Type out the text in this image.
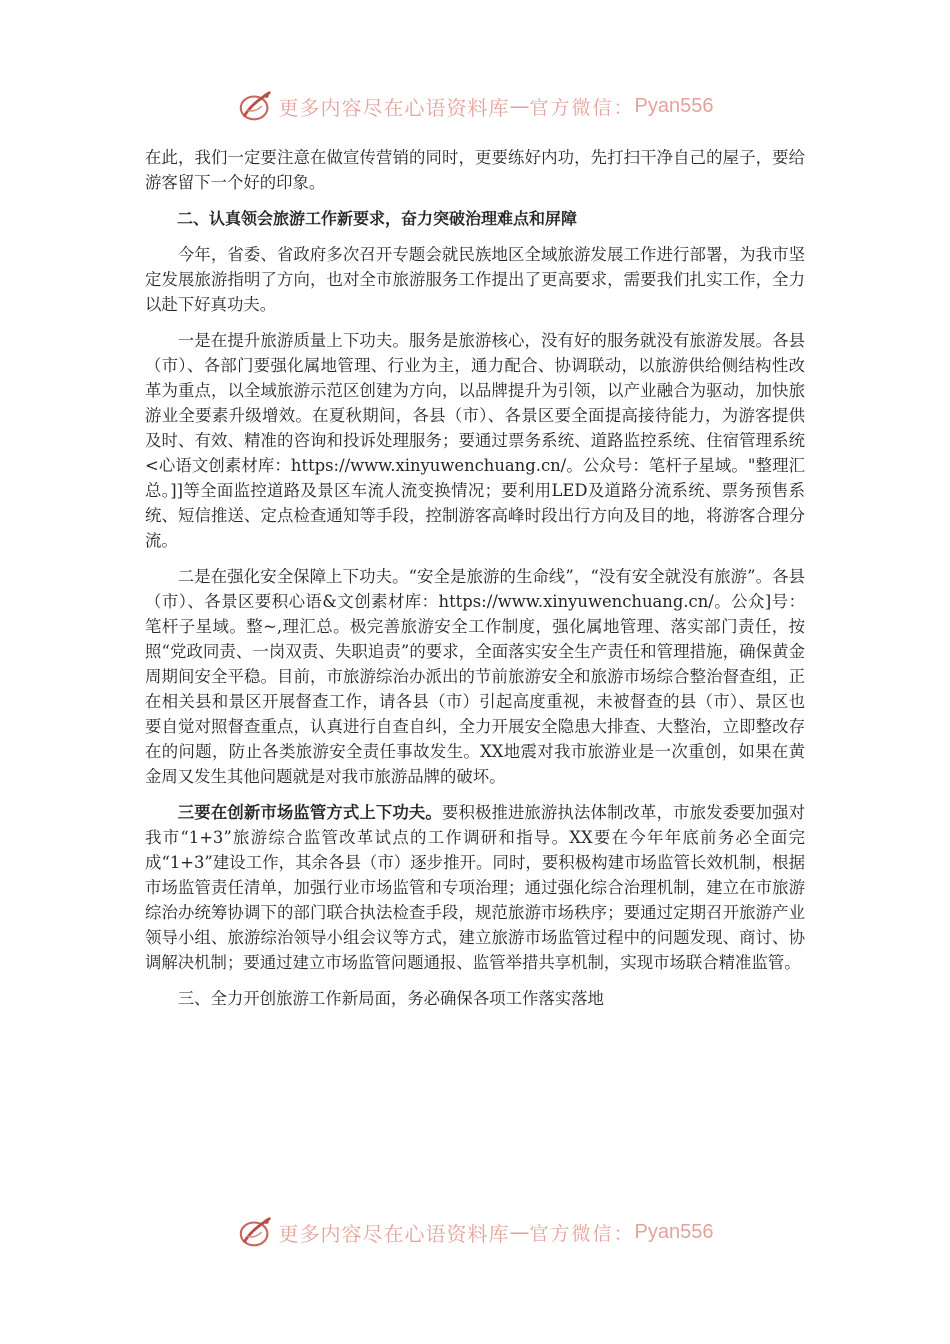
更多内容尽在心语资料库 — 官方微信： Pyan556

在此，我们一定要注意在做宣传营销的同时，更要练好内功，先打扫干净自己的屋子，要给游客留下一个好的印象。

二、认真领会旅游工作新要求，奋力突破治理难点和屏障

今年，省委、省政府多次召开专题会就民族地区全域旅游发展工作进行部署，为我市坚定发展旅游指明了方向，也对全市旅游服务工作提出了更高要求，需要我们扎实工作，全力以赴下好真功夫。

一是在提升旅游质量上下功夫。服务是旅游核心，没有好的服务就没有旅游发展。各县（市）、各部门要强化属地管理、行业为主，通力配合、协调联动，以旅游供给侧结构性改革为重点，以全域旅游示范区创建为方向，以品牌提升为引领，以产业融合为驱动，加快旅游业全要素升级增效。在夏秋期间，各县（市）、各景区要全面提高接待能力，为游客提供及时、有效、精准的咨询和投诉处理服务；要通过票务系统、道路监控系统、住宿管理系统<心语文创素材库：https://www.xinyuwenchuang.cn/。公众号：笔杆子星域。"整理汇总。]]等全面监控道路及景区车流人流变换情况；要利用LED及道路分流系统、票务预售系统、短信推送、定点检查通知等手段，控制游客高峰时段出行方向及目的地，将游客合理分流。

二是在强化安全保障上下功夫。“安全是旅游的生命线”，“没有安全就没有旅游”。各县（市）、各景区要积心语&文创素材库：https://www.xinyuwenchuang.cn/。公众]号：笔杆子星域。整~,理汇总。极完善旅游安全工作制度，强化属地管理、落实部门责任，按照“党政同责、一岗双责、失职追责”的要求，全面落实安全生产责任和管理措施，确保黄金周期间安全平稳。目前，市旅游综治办派出的节前旅游安全和旅游市场综合整治督查组，正在相关县和景区开展督查工作，请各县（市）引起高度重视，未被督查的县（市）、景区也要自觉对照督查重点，认真进行自查自纠，全力开展安全隐患大排查、大整治，立即整改存在的问题，防止各类旅游安全责任事故发生。XX地震对我市旅游业是一次重创，如果在黄金周又发生其他问题就是对我市旅游品牌的破坏。

三要在创新市场监管方式上下功夫。要积极推进旅游执法体制改革，市旅发委要加强对我市“1+3”旅游综合监管改革试点的工作调研和指导。XX要在今年年底前务必全面完成“1+3”建设工作，其余各县（市）逐步推开。同时，要积极构建市场监管长效机制，根据市场监管责任清单，加强行业市场监管和专项治理；通过强化综合治理机制，建立在市旅游综治办统筹协调下的部门联合执法检查手段，规范旅游市场秩序；要通过定期召开旅游产业领导小组、旅游综治领导小组会议等方式，建立旅游市场监管过程中的问题发现、商讨、协调解决机制；要通过建立市场监管问题通报、监管举措共享机制，实现市场联合精准监管。

三、全力开创旅游工作新局面，务必确保各项工作落实落地

更多内容尽在心语资料库 — 官方微信： Pyan556
